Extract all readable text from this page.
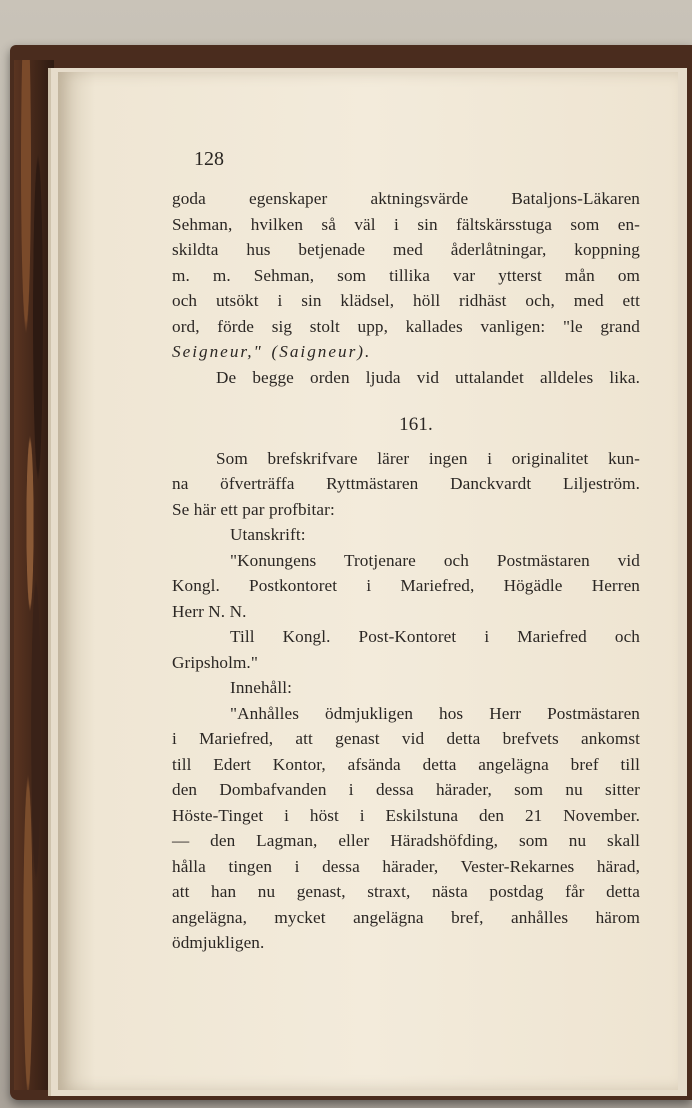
128
goda egenskaper aktningsvärde Bataljons-Läkaren
Sehman, hvilken så väl i sin fältskärsstuga som en-
skildta hus betjenade med åderlåtningar, koppning
m. m. Sehman, som tillika var ytterst mån om
och utsökt i sin klädsel, höll ridhäst och, med ett
ord, förde sig stolt upp, kallades vanligen: "le grand
Seigneur," (Saigneur).
De begge orden ljuda vid uttalandet alldeles lika.
161.
Som brefskrifvare lärer ingen i originalitet kun-
na öfverträffa Ryttmästaren Danckvardt Liljeström.
Se här ett par profbitar:
Utanskrift:
"Konungens Trotjenare och Postmästaren vid
Kongl. Postkontoret i Mariefred, Högädle Herren
Herr N. N.
Till Kongl. Post-Kontoret i Mariefred och
Gripsholm."
Innehåll:
"Anhålles ödmjukligen hos Herr Postmästaren
i Mariefred, att genast vid detta brefvets ankomst
till Edert Kontor, afsända detta angelägna bref till
den Dombafvanden i dessa härader, som nu sitter
Höste-Tinget i höst i Eskilstuna den 21 November.
— den Lagman, eller Häradshöfding, som nu skall
hålla tingen i dessa härader, Vester-Rekarnes härad,
att han nu genast, straxt, nästa postdag får detta
angelägna, mycket angelägna bref, anhålles härom
ödmjukligen.
